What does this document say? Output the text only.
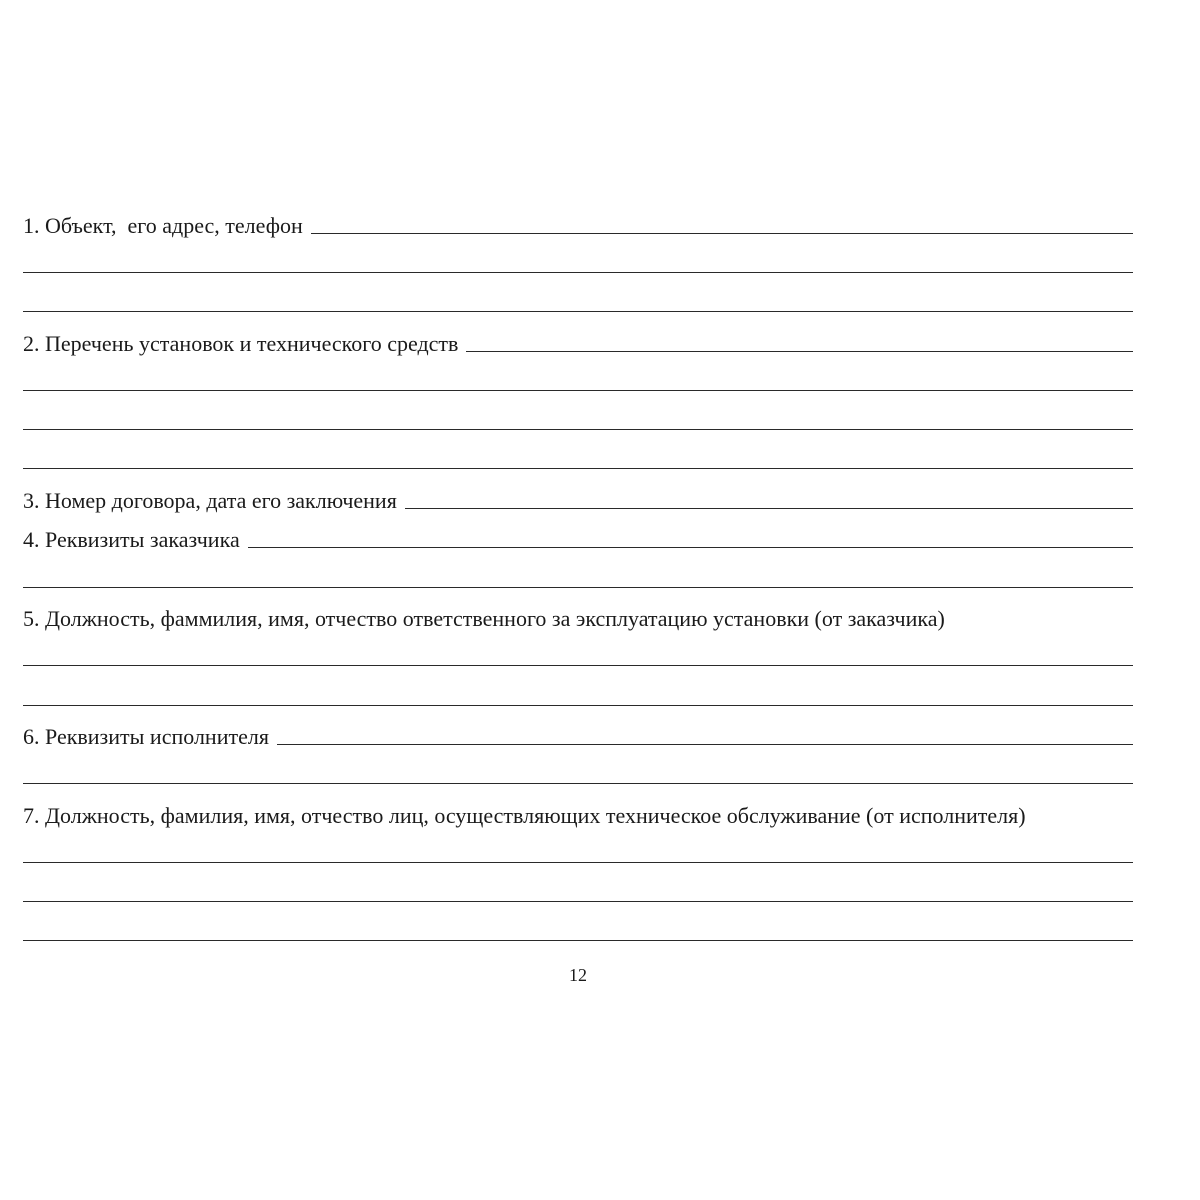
1. Объект,  его адрес, телефон
2. Перечень установок и технического средств
3. Номер договора, дата его заключения
4. Реквизиты заказчика
5. Должность, фаммилия, имя, отчество ответственного за эксплуатацию установки (от заказчика)
6. Реквизиты исполнителя
7. Должность, фамилия, имя, отчество лиц, осуществляющих техническое обслуживание (от исполнителя)
12
